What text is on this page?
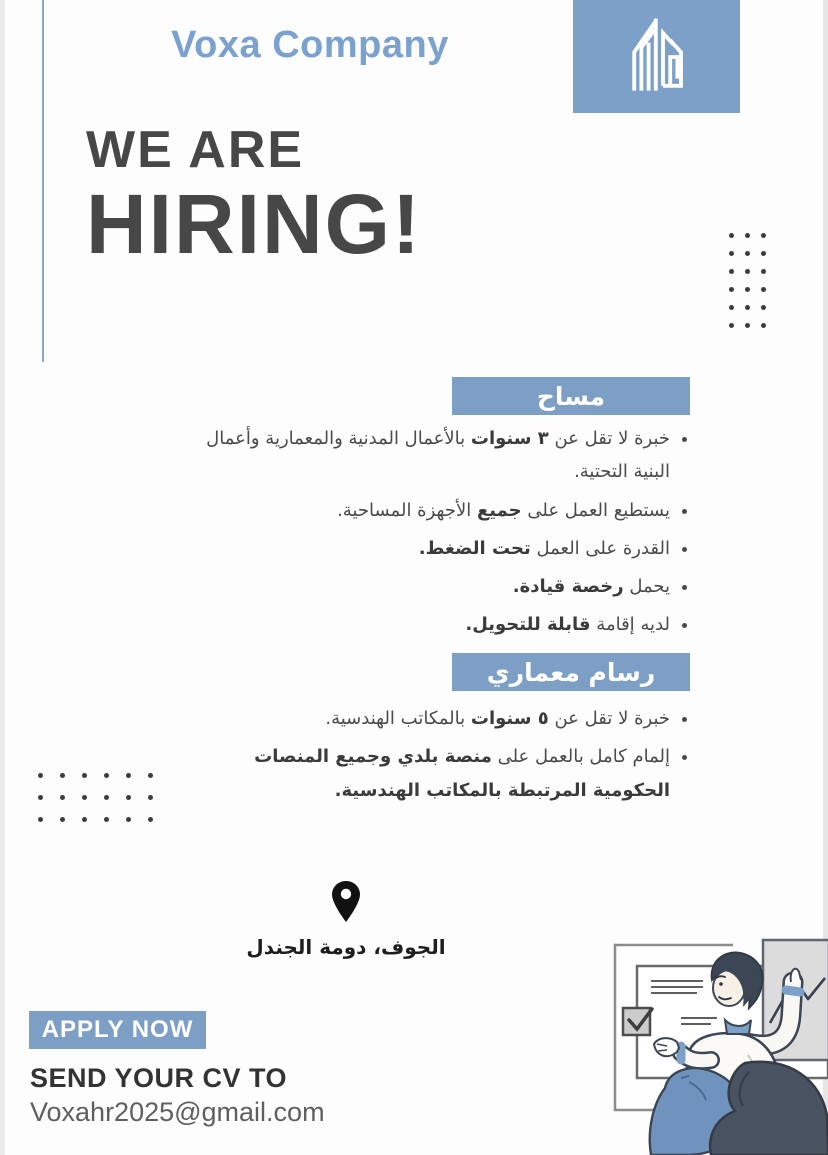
Voxa Company
WE ARE
HIRING!
مساح
• خبرة لا تقل عن ٣ سنوات بالأعمال المدنية والمعمارية وأعمال البنية التحتية.
• يستطيع العمل على جميع الأجهزة المساحية.
• القدرة على العمل تحت الضغط.
• يحمل رخصة قيادة.
• لديه إقامة قابلة للتحويل.
رسام معماري
• خبرة لا تقل عن ٥ سنوات بالمكاتب الهندسية.
• إلمام كامل بالعمل على منصة بلدي وجميع المنصات الحكومية المرتبطة بالمكاتب الهندسية.
الجوف، دومة الجندل
APPLY NOW
SEND YOUR CV TO
Voxahr2025@gmail.com
